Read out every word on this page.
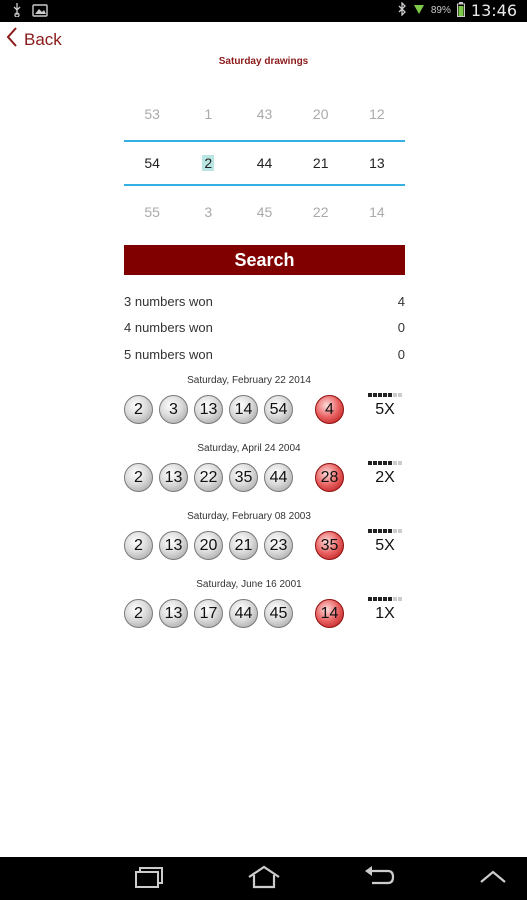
89% 13:46
Back
Saturday drawings
53	1	43	20	12
54	2	44	21	13
55	3	45	22	14
Search
3 numbers won	4
4 numbers won	0
5 numbers won	0
Saturday, February 22 2014
2	3	13	14	54	4	5X
Saturday, April 24 2004
2	13	22	35	44	28	2X
Saturday, February 08 2003
2	13	20	21	23	35	5X
Saturday, June 16 2001
2	13	17	44	45	14	1X
